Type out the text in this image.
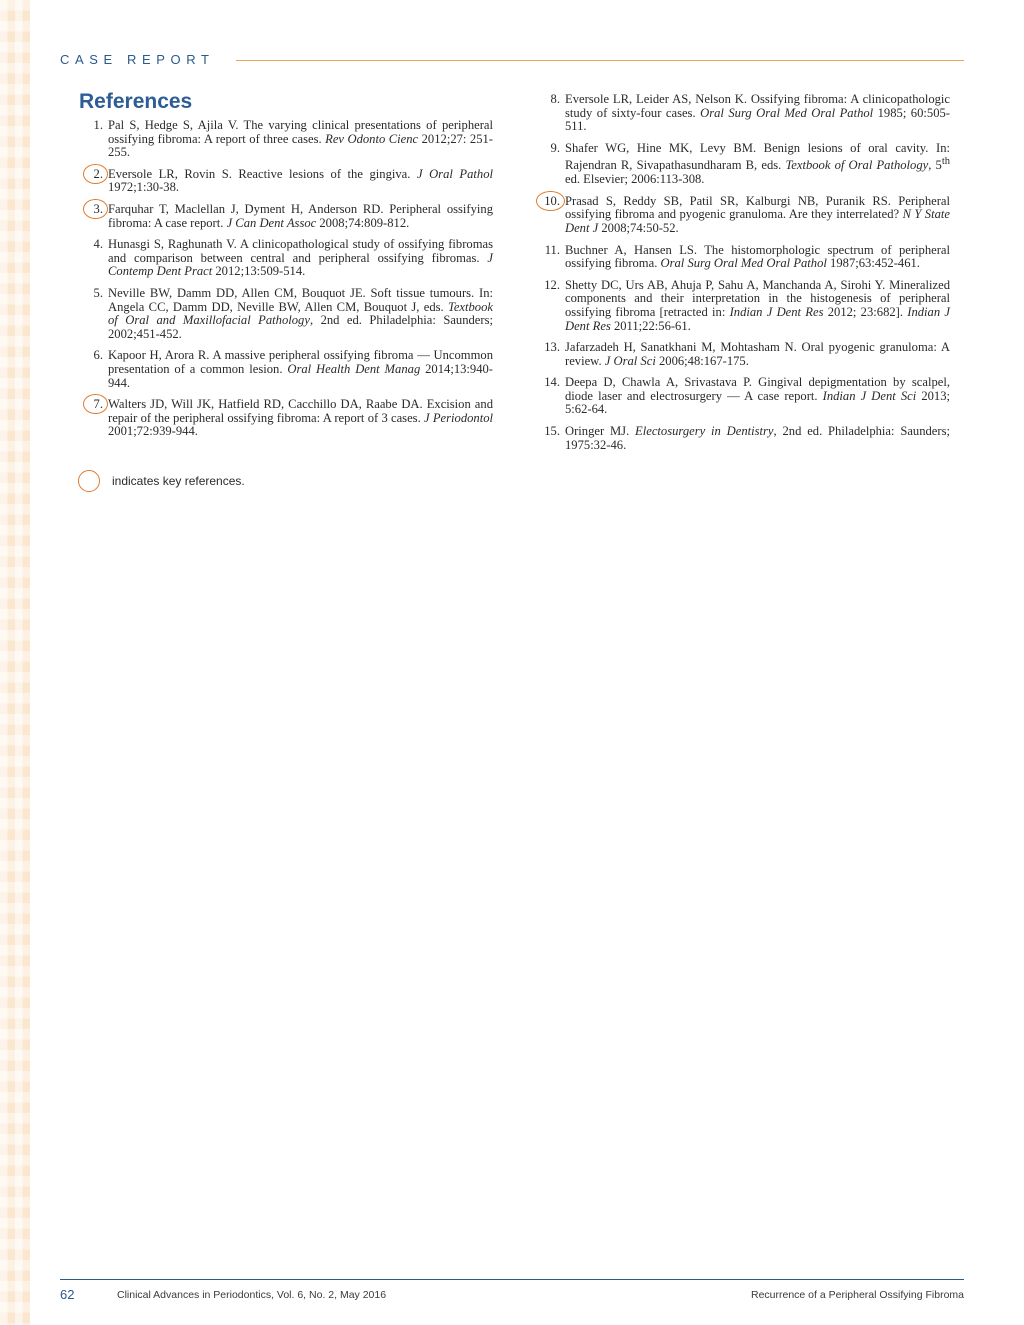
CASE REPORT
References
1. Pal S, Hedge S, Ajila V. The varying clinical presentations of peripheral ossifying fibroma: A report of three cases. Rev Odonto Cienc 2012;27: 251-255.
2. Eversole LR, Rovin S. Reactive lesions of the gingiva. J Oral Pathol 1972;1:30-38.
3. Farquhar T, Maclellan J, Dyment H, Anderson RD. Peripheral ossifying fibroma: A case report. J Can Dent Assoc 2008;74:809-812.
4. Hunasgi S, Raghunath V. A clinicopathological study of ossifying fibromas and comparison between central and peripheral ossifying fibromas. J Contemp Dent Pract 2012;13:509-514.
5. Neville BW, Damm DD, Allen CM, Bouquot JE. Soft tissue tumours. In: Angela CC, Damm DD, Neville BW, Allen CM, Bouquot J, eds. Textbook of Oral and Maxillofacial Pathology, 2nd ed. Philadelphia: Saunders; 2002;451-452.
6. Kapoor H, Arora R. A massive peripheral ossifying fibroma — Uncommon presentation of a common lesion. Oral Health Dent Manag 2014;13:940-944.
7. Walters JD, Will JK, Hatfield RD, Cacchillo DA, Raabe DA. Excision and repair of the peripheral ossifying fibroma: A report of 3 cases. J Periodontol 2001;72:939-944.
8. Eversole LR, Leider AS, Nelson K. Ossifying fibroma: A clinicopathologic study of sixty-four cases. Oral Surg Oral Med Oral Pathol 1985; 60:505-511.
9. Shafer WG, Hine MK, Levy BM. Benign lesions of oral cavity. In: Rajendran R, Sivapathasundharam B, eds. Textbook of Oral Pathology, 5th ed. Elsevier; 2006:113-308.
10. Prasad S, Reddy SB, Patil SR, Kalburgi NB, Puranik RS. Peripheral ossifying fibroma and pyogenic granuloma. Are they interrelated? N Y State Dent J 2008;74:50-52.
11. Buchner A, Hansen LS. The histomorphologic spectrum of peripheral ossifying fibroma. Oral Surg Oral Med Oral Pathol 1987;63:452-461.
12. Shetty DC, Urs AB, Ahuja P, Sahu A, Manchanda A, Sirohi Y. Mineralized components and their interpretation in the histogenesis of peripheral ossifying fibroma [retracted in: Indian J Dent Res 2012; 23:682]. Indian J Dent Res 2011;22:56-61.
13. Jafarzadeh H, Sanatkhani M, Mohtasham N. Oral pyogenic granuloma: A review. J Oral Sci 2006;48:167-175.
14. Deepa D, Chawla A, Srivastava P. Gingival depigmentation by scalpel, diode laser and electrosurgery — A case report. Indian J Dent Sci 2013; 5:62-64.
15. Oringer MJ. Electosurgery in Dentistry, 2nd ed. Philadelphia: Saunders; 1975:32-46.
indicates key references.
62	Clinical Advances in Periodontics, Vol. 6, No. 2, May 2016	Recurrence of a Peripheral Ossifying Fibroma
